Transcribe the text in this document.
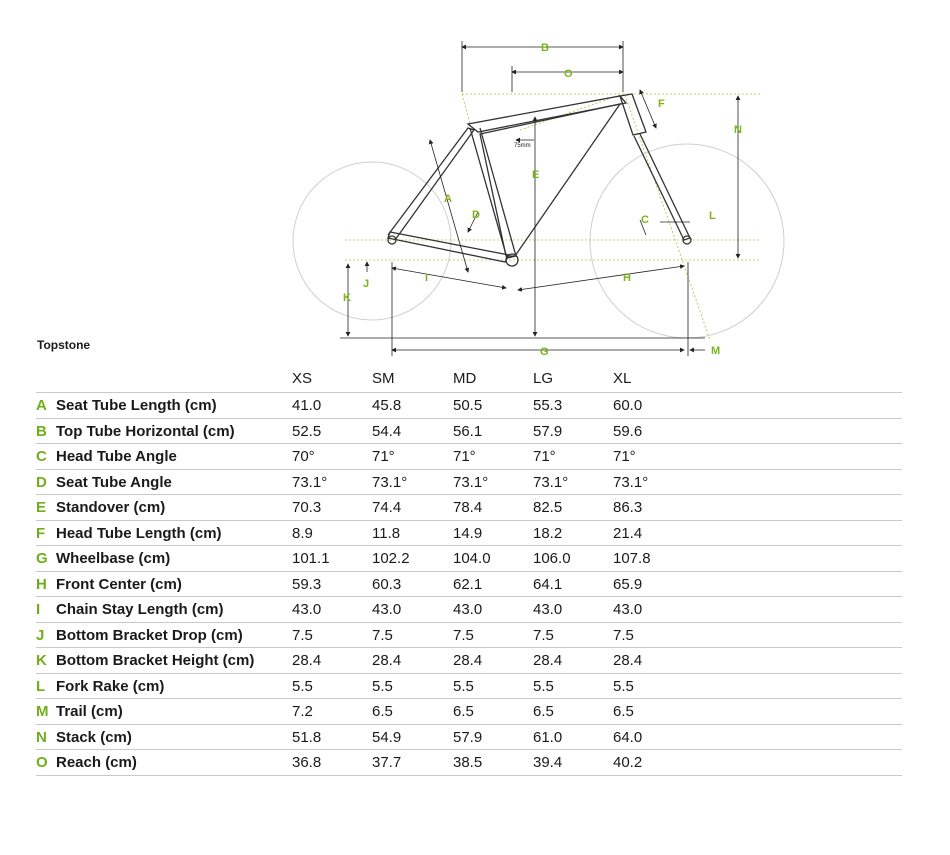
B
O
F
N
E
A
D	C	L
K
J	I	H
G	M
75mm
Topstone
XS	SM	MD	LG	XL
A Seat Tube Length (cm)	41.0	45.8	50.5	55.3	60.0
B Top Tube Horizontal (cm)	52.5	54.4	56.1	57.9	59.6
C Head Tube Angle	70°	71°	71°	71°	71°
D Seat Tube Angle	73.1°	73.1°	73.1°	73.1°	73.1°
E Standover (cm)	70.3	74.4	78.4	82.5	86.3
F Head Tube Length (cm)	8.9	11.8	14.9	18.2	21.4
G Wheelbase (cm)	101.1	102.2	104.0	106.0	107.8
H Front Center (cm)	59.3	60.3	62.1	64.1	65.9
I Chain Stay Length (cm)	43.0	43.0	43.0	43.0	43.0
J Bottom Bracket Drop (cm)	7.5	7.5	7.5	7.5	7.5
K Bottom Bracket Height (cm)	28.4	28.4	28.4	28.4	28.4
L Fork Rake (cm)	5.5	5.5	5.5	5.5	5.5
M Trail (cm)	7.2	6.5	6.5	6.5	6.5
N Stack (cm)	51.8	54.9	57.9	61.0	64.0
O Reach (cm)	36.8	37.7	38.5	39.4	40.2
